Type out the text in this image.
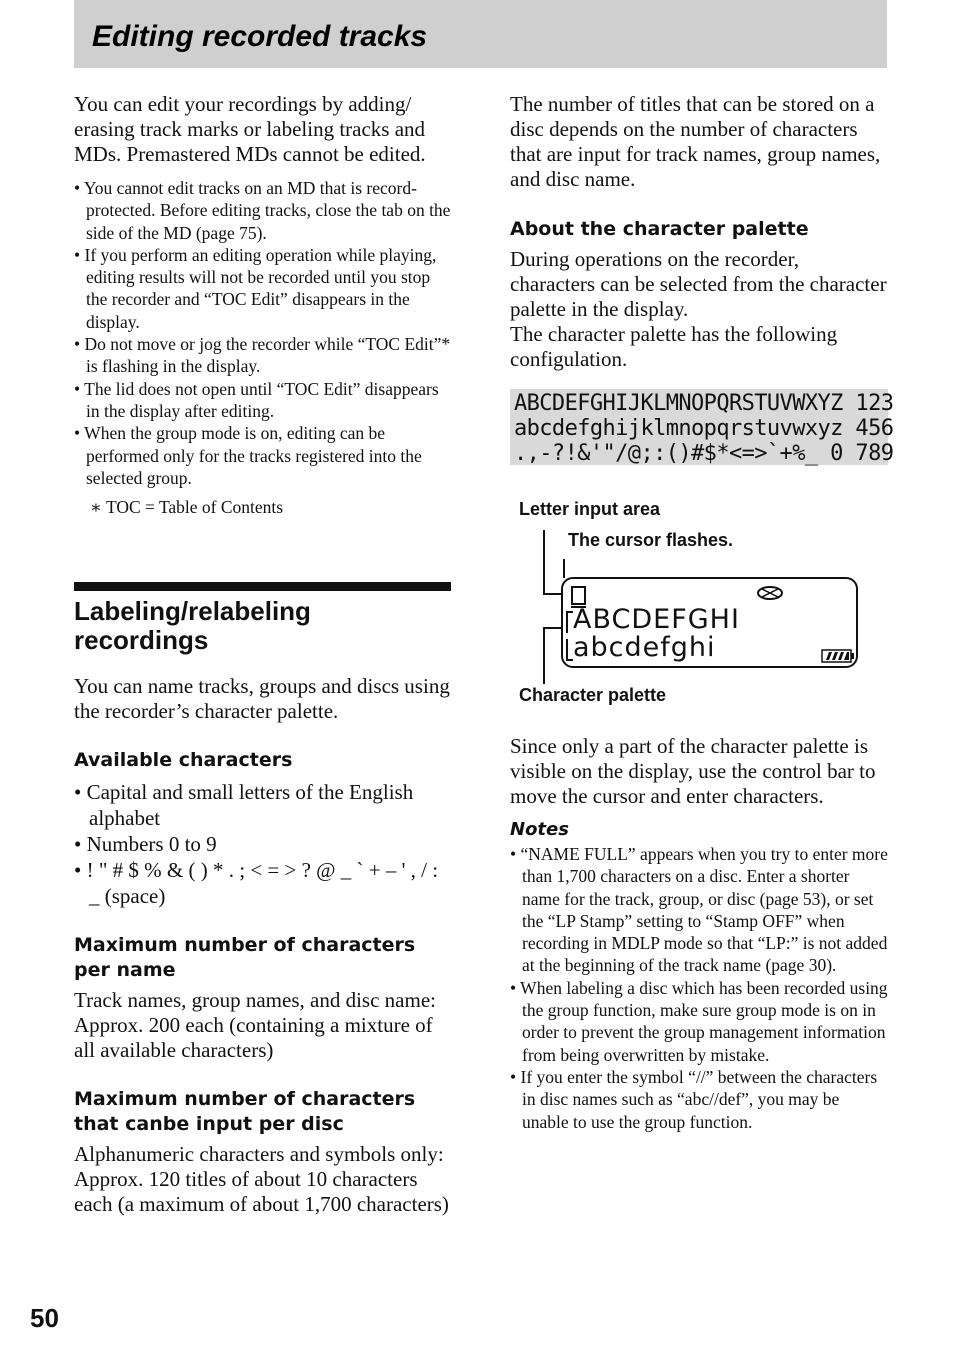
Editing recorded tracks

You can edit your recordings by adding/ erasing track marks or labeling tracks and MDs. Premastered MDs cannot be edited.

• You cannot edit tracks on an MD that is record-protected. Before editing tracks, close the tab on the side of the MD (page 75).
• If you perform an editing operation while playing, editing results will not be recorded until you stop the recorder and “TOC Edit” disappears in the display.
• Do not move or jog the recorder while “TOC Edit”* is flashing in the display.
• The lid does not open until “TOC Edit” disappears in the display after editing.
• When the group mode is on, editing can be performed only for the tracks registered into the selected group.

∗ TOC = Table of Contents

Labeling/relabeling recordings

You can name tracks, groups and discs using the recorder’s character palette.

Available characters
• Capital and small letters of the English alphabet
• Numbers 0 to 9
• ! " # $ % & ( ) * . ; < = > ? @ _ ` + – ' , / : _ (space)
Maximum number of characters per name

Track names, group names, and disc name: Approx. 200 each (containing a mixture of all available characters)

Maximum number of characters that canbe input per disc

Alphanumeric characters and symbols only: Approx. 120 titles of about 10 characters each (a maximum of about 1,700 characters)

The number of titles that can be stored on a disc depends on the number of characters that are input for track names, group names, and disc name.

About the character palette

During operations on the recorder, characters can be selected from the character palette in the display.

The character palette has the following configulation.

ABCDEFGHIJKLMNOPQRSTUVWXYZ 123
abcdefghijklmnopqrstuvwxyz 456
.,-?!&'"/@;:()#$*<=>`+%_ 0 789
Letter input area
The cursor flashes.
ABCDEFGHI
abcdefghi
Character palette

Since only a part of the character palette is visible on the display, use the control bar to move the cursor and enter characters.

Notes
• “NAME FULL” appears when you try to enter more than 1,700 characters on a disc. Enter a shorter name for the track, group, or disc (page 53), or set the “LP Stamp” setting to “Stamp OFF” when recording in MDLP mode so that “LP:” is not added at the beginning of the track name (page 30).
• When labeling a disc which has been recorded using the group function, make sure group mode is on in order to prevent the group management information from being overwritten by mistake.
• If you enter the symbol “//” between the characters in disc names such as “abc//def”, you may be unable to use the group function.
50
